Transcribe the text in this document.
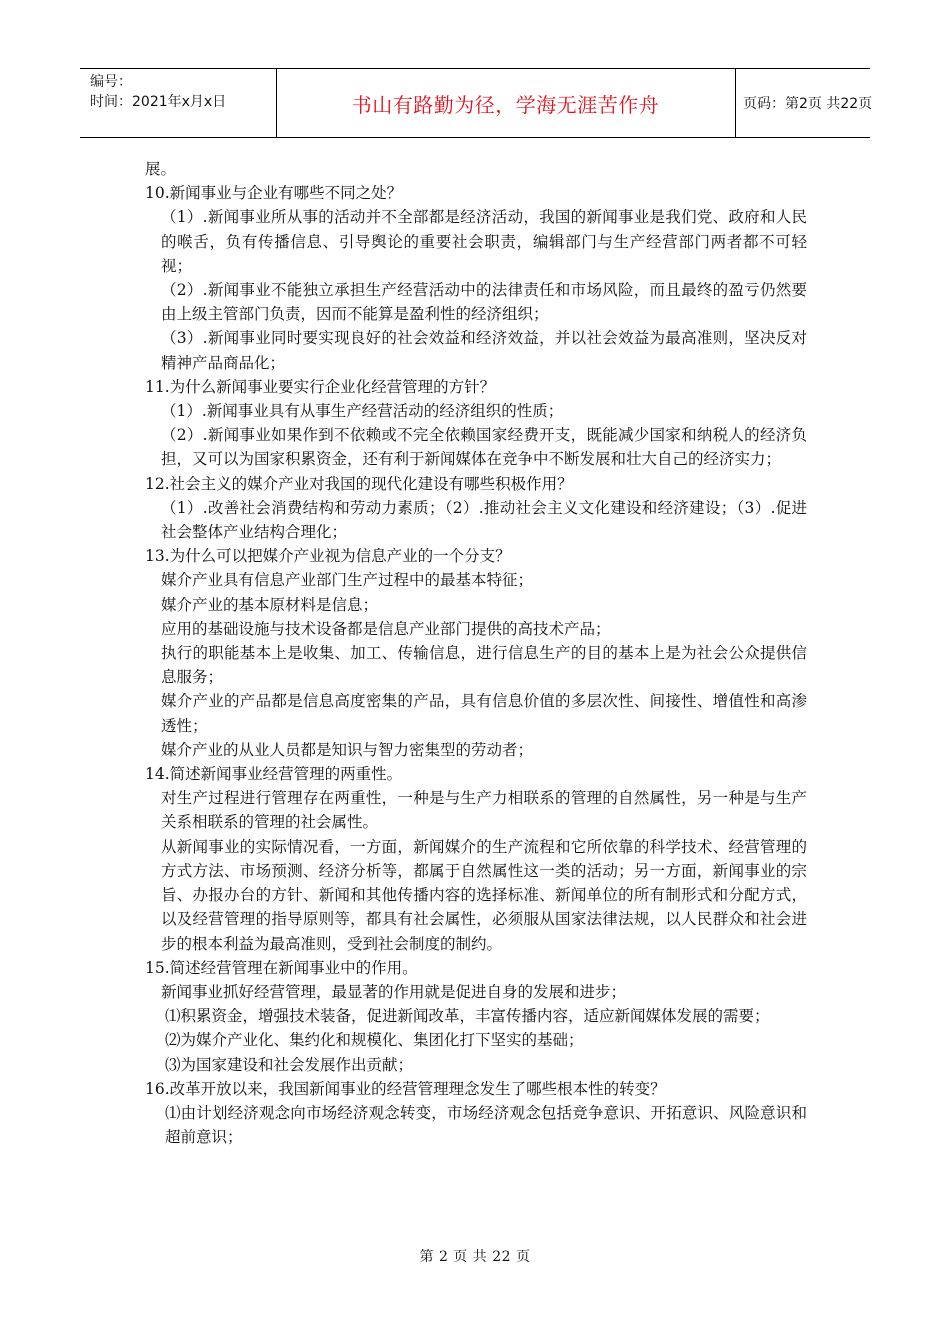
编号：
时间：2021年x月x日	书山有路勤为径，学海无涯苦作舟	页码：第2页 共22页

展。

10.新闻事业与企业有哪些不同之处？

（1）.新闻事业所从事的活动并不全部都是经济活动，我国的新闻事业是我们党、政府和人民的喉舌，负有传播信息、引导舆论的重要社会职责，编辑部门与生产经营部门两者都不可轻视；

（2）.新闻事业不能独立承担生产经营活动中的法律责任和市场风险，而且最终的盈亏仍然要由上级主管部门负责，因而不能算是盈利性的经济组织；

（3）.新闻事业同时要实现良好的社会效益和经济效益，并以社会效益为最高准则，坚决反对精神产品商品化；

11.为什么新闻事业要实行企业化经营管理的方针？

（1）.新闻事业具有从事生产经营活动的经济组织的性质；

（2）.新闻事业如果作到不依赖或不完全依赖国家经费开支，既能减少国家和纳税人的经济负担，又可以为国家积累资金，还有利于新闻媒体在竞争中不断发展和壮大自己的经济实力；

12.社会主义的媒介产业对我国的现代化建设有哪些积极作用？

（1）.改善社会消费结构和劳动力素质；（2）.推动社会主义文化建设和经济建设；（3）.促进社会整体产业结构合理化；

13.为什么可以把媒介产业视为信息产业的一个分支？

媒介产业具有信息产业部门生产过程中的最基本特征；

媒介产业的基本原材料是信息；

应用的基础设施与技术设备都是信息产业部门提供的高技术产品；

执行的职能基本上是收集、加工、传输信息，进行信息生产的目的基本上是为社会公众提供信息服务；

媒介产业的产品都是信息高度密集的产品，具有信息价值的多层次性、间接性、增值性和高渗透性；

媒介产业的从业人员都是知识与智力密集型的劳动者；

14.简述新闻事业经营管理的两重性。

对生产过程进行管理存在两重性，一种是与生产力相联系的管理的自然属性，另一种是与生产关系相联系的管理的社会属性。

从新闻事业的实际情况看，一方面，新闻媒介的生产流程和它所依靠的科学技术、经营管理的方式方法、市场预测、经济分析等，都属于自然属性这一类的活动；另一方面，新闻事业的宗旨、办报办台的方针、新闻和其他传播内容的选择标准、新闻单位的所有制形式和分配方式，以及经营管理的指导原则等，都具有社会属性，必须服从国家法律法规，以人民群众和社会进步的根本利益为最高准则，受到社会制度的制约。

15.简述经营管理在新闻事业中的作用。

新闻事业抓好经营管理，最显著的作用就是促进自身的发展和进步；

⑴积累资金，增强技术装备，促进新闻改革，丰富传播内容，适应新闻媒体发展的需要；

⑵为媒介产业化、集约化和规模化、集团化打下坚实的基础；

⑶为国家建设和社会发展作出贡献；

16.改革开放以来，我国新闻事业的经营管理理念发生了哪些根本性的转变？

⑴由计划经济观念向市场经济观念转变，市场经济观念包括竞争意识、开拓意识、风险意识和超前意识；

第 2 页 共 22 页
